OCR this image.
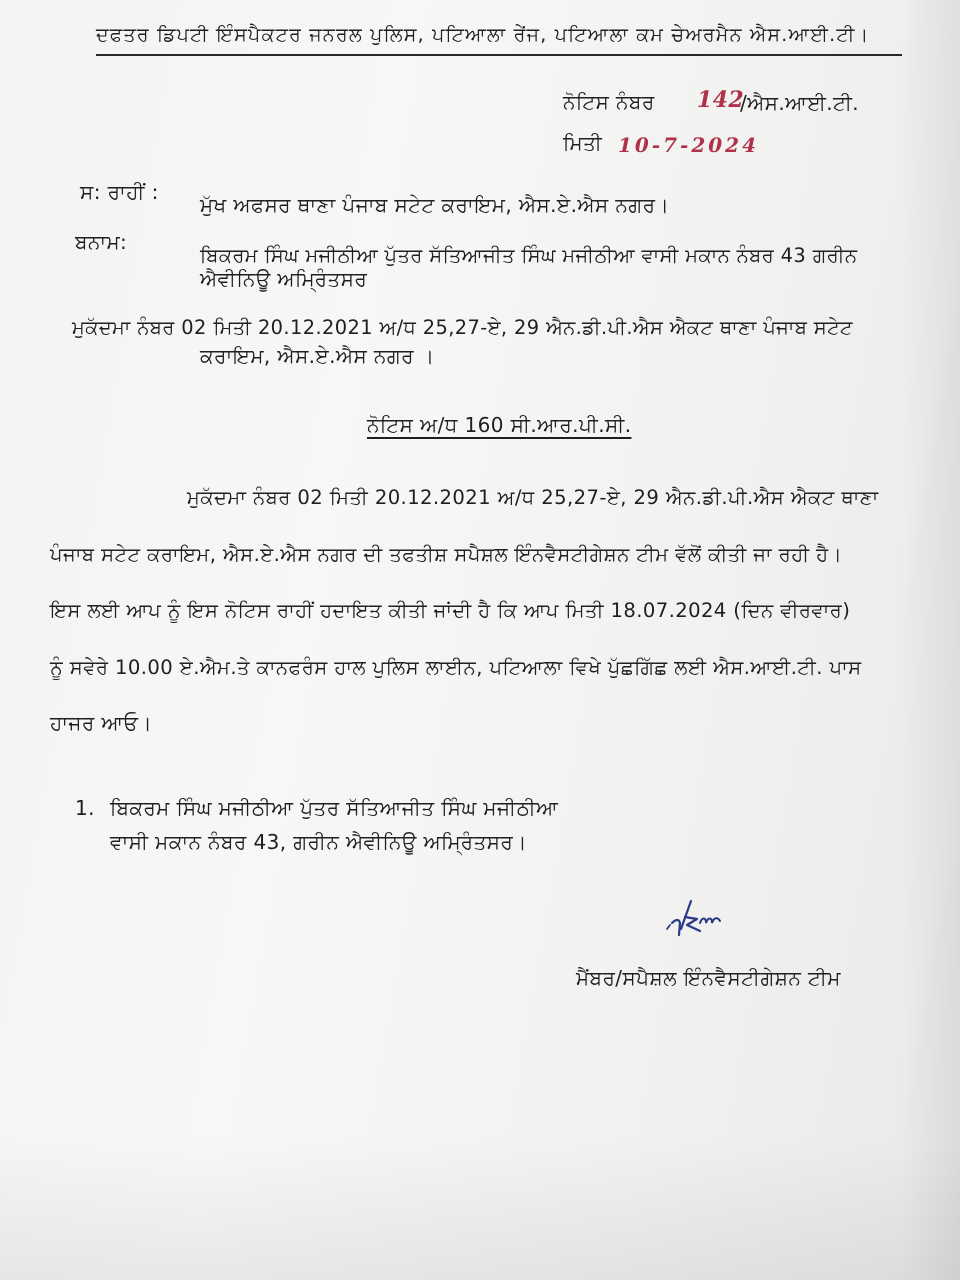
ਦਫਤਰ ਡਿਪਟੀ ਇੰਸਪੈਕਟਰ ਜਨਰਲ ਪੁਲਿਸ, ਪਟਿਆਲਾ ਰੇਂਜ, ਪਟਿਆਲਾ ਕਮ ਚੇਅਰਮੈਨ ਐਸ.ਆਈ.ਟੀ।
ਨੋਟਿਸ ਨੰਬਰ 142
/ਐਸ.ਆਈ.ਟੀ.
ਮਿਤੀ 10-7-2024
ਸ: ਰਾਹੀਂ :
ਮੁੱਖ ਅਫਸਰ ਥਾਣਾ ਪੰਜਾਬ ਸਟੇਟ ਕਰਾਇਮ, ਐਸ.ਏ.ਐਸ ਨਗਰ।
ਬਨਾਮ:
ਬਿਕਰਮ ਸਿੰਘ ਮਜੀਠੀਆ ਪੁੱਤਰ ਸੱਤਿਆਜੀਤ ਸਿੰਘ ਮਜੀਠੀਆ ਵਾਸੀ ਮਕਾਨ ਨੰਬਰ 43 ਗਰੀਨ
ਐਵੀਨਿਊ ਅਮ੍ਰਿੰਤਸਰ
ਮੁਕੱਦਮਾ ਨੰਬਰ 02 ਮਿਤੀ 20.12.2021 ਅ/ਧ 25,27-ਏ, 29 ਐਨ.ਡੀ.ਪੀ.ਐਸ ਐਕਟ ਥਾਣਾ ਪੰਜਾਬ ਸਟੇਟ
ਕਰਾਇਮ, ਐਸ.ਏ.ਐਸ ਨਗਰ ।
ਨੋਟਿਸ ਅ/ਧ 160 ਸੀ.ਆਰ.ਪੀ.ਸੀ.
ਮੁਕੱਦਮਾ ਨੰਬਰ 02 ਮਿਤੀ 20.12.2021 ਅ/ਧ 25,27-ਏ, 29 ਐਨ.ਡੀ.ਪੀ.ਐਸ ਐਕਟ ਥਾਣਾ
ਪੰਜਾਬ ਸਟੇਟ ਕਰਾਇਮ, ਐਸ.ਏ.ਐਸ ਨਗਰ ਦੀ ਤਫਤੀਸ਼ ਸਪੈਸ਼ਲ ਇੰਨਵੈਸਟੀਗੇਸ਼ਨ ਟੀਮ ਵੱਲੋਂ ਕੀਤੀ ਜਾ ਰਹੀ ਹੈ।
ਇਸ ਲਈ ਆਪ ਨੂੰ ਇਸ ਨੋਟਿਸ ਰਾਹੀਂ ਹਦਾਇਤ ਕੀਤੀ ਜਾਂਦੀ ਹੈ ਕਿ ਆਪ ਮਿਤੀ 18.07.2024 (ਦਿਨ ਵੀਰਵਾਰ)
ਨੂੰ ਸਵੇਰੇ 10.00 ਏ.ਐਮ.ਤੇ ਕਾਨਫਰੰਸ ਹਾਲ ਪੁਲਿਸ ਲਾਈਨ, ਪਟਿਆਲਾ ਵਿਖੇ ਪੁੱਛਗਿੱਛ ਲਈ ਐਸ.ਆਈ.ਟੀ. ਪਾਸ
ਹਾਜਰ ਆਓ।
1. ਬਿਕਰਮ ਸਿੰਘ ਮਜੀਠੀਆ ਪੁੱਤਰ ਸੱਤਿਆਜੀਤ ਸਿੰਘ ਮਜੀਠੀਆ
ਵਾਸੀ ਮਕਾਨ ਨੰਬਰ 43, ਗਰੀਨ ਐਵੀਨਿਊ ਅਮ੍ਰਿੰਤਸਰ।
ਮੈਂਬਰ/ਸਪੈਸ਼ਲ ਇੰਨਵੈਸਟੀਗੇਸ਼ਨ ਟੀਮ
